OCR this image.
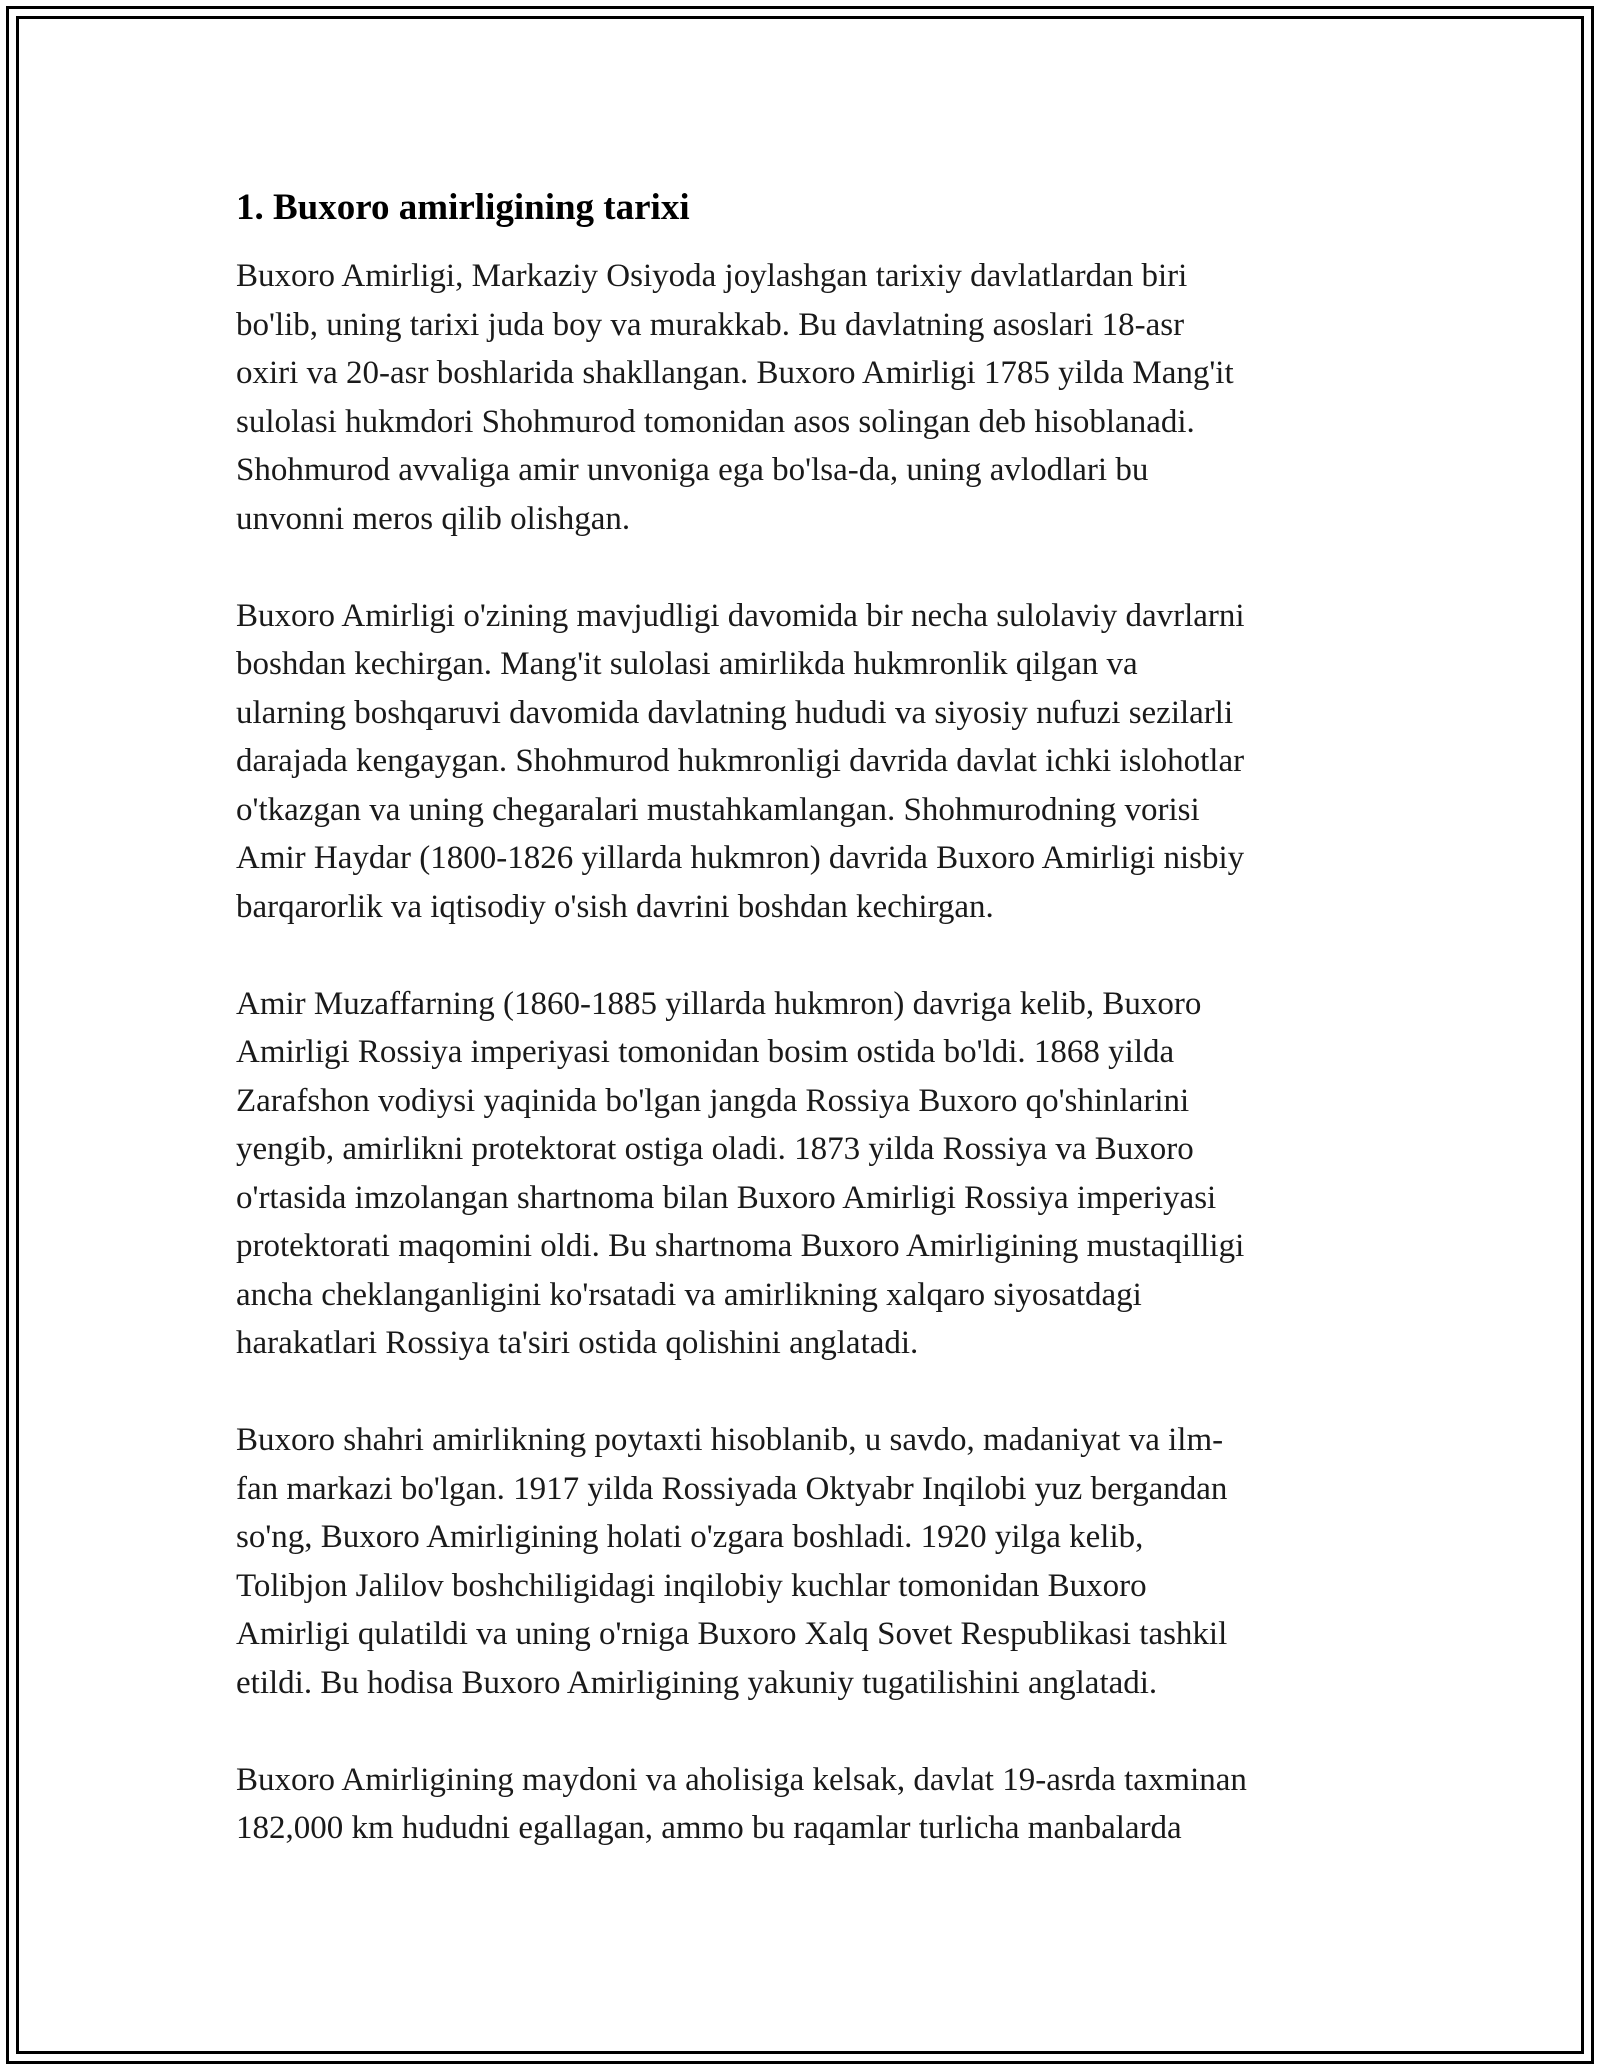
1. Buxoro amirligining tarixi

Buxoro Amirligi, Markaziy Osiyoda joylashgan tarixiy davlatlardan biri
bo'lib, uning tarixi juda boy va murakkab. Bu davlatning asoslari 18-asr
oxiri va 20-asr boshlarida shakllangan. Buxoro Amirligi 1785 yilda Mang'it
sulolasi hukmdori Shohmurod tomonidan asos solingan deb hisoblanadi.
Shohmurod avvaliga amir unvoniga ega bo'lsa-da, uning avlodlari bu
unvonni meros qilib olishgan.

Buxoro Amirligi o'zining mavjudligi davomida bir necha sulolaviy davrlarni
boshdan kechirgan. Mang'it sulolasi amirlikda hukmronlik qilgan va
ularning boshqaruvi davomida davlatning hududi va siyosiy nufuzi sezilarli
darajada kengaygan. Shohmurod hukmronligi davrida davlat ichki islohotlar
o'tkazgan va uning chegaralari mustahkamlangan. Shohmurodning vorisi
Amir Haydar (1800-1826 yillarda hukmron) davrida Buxoro Amirligi nisbiy
barqarorlik va iqtisodiy o'sish davrini boshdan kechirgan.

Amir Muzaffarning (1860-1885 yillarda hukmron) davriga kelib, Buxoro
Amirligi Rossiya imperiyasi tomonidan bosim ostida bo'ldi. 1868 yilda
Zarafshon vodiysi yaqinida bo'lgan jangda Rossiya Buxoro qo'shinlarini
yengib, amirlikni protektorat ostiga oladi. 1873 yilda Rossiya va Buxoro
o'rtasida imzolangan shartnoma bilan Buxoro Amirligi Rossiya imperiyasi
protektorati maqomini oldi. Bu shartnoma Buxoro Amirligining mustaqilligi
ancha cheklanganligini ko'rsatadi va amirlikning xalqaro siyosatdagi
harakatlari Rossiya ta'siri ostida qolishini anglatadi.

Buxoro shahri amirlikning poytaxti hisoblanib, u savdo, madaniyat va ilm-
fan markazi bo'lgan. 1917 yilda Rossiyada Oktyabr Inqilobi yuz bergandan
so'ng, Buxoro Amirligining holati o'zgara boshladi. 1920 yilga kelib,
Tolibjon Jalilov boshchiligidagi inqilobiy kuchlar tomonidan Buxoro
Amirligi qulatildi va uning o'rniga Buxoro Xalq Sovet Respublikasi tashkil
etildi. Bu hodisa Buxoro Amirligining yakuniy tugatilishini anglatadi.

Buxoro Amirligining maydoni va aholisiga kelsak, davlat 19-asrda taxminan
182,000 km hududni egallagan, ammo bu raqamlar turlicha manbalarda
